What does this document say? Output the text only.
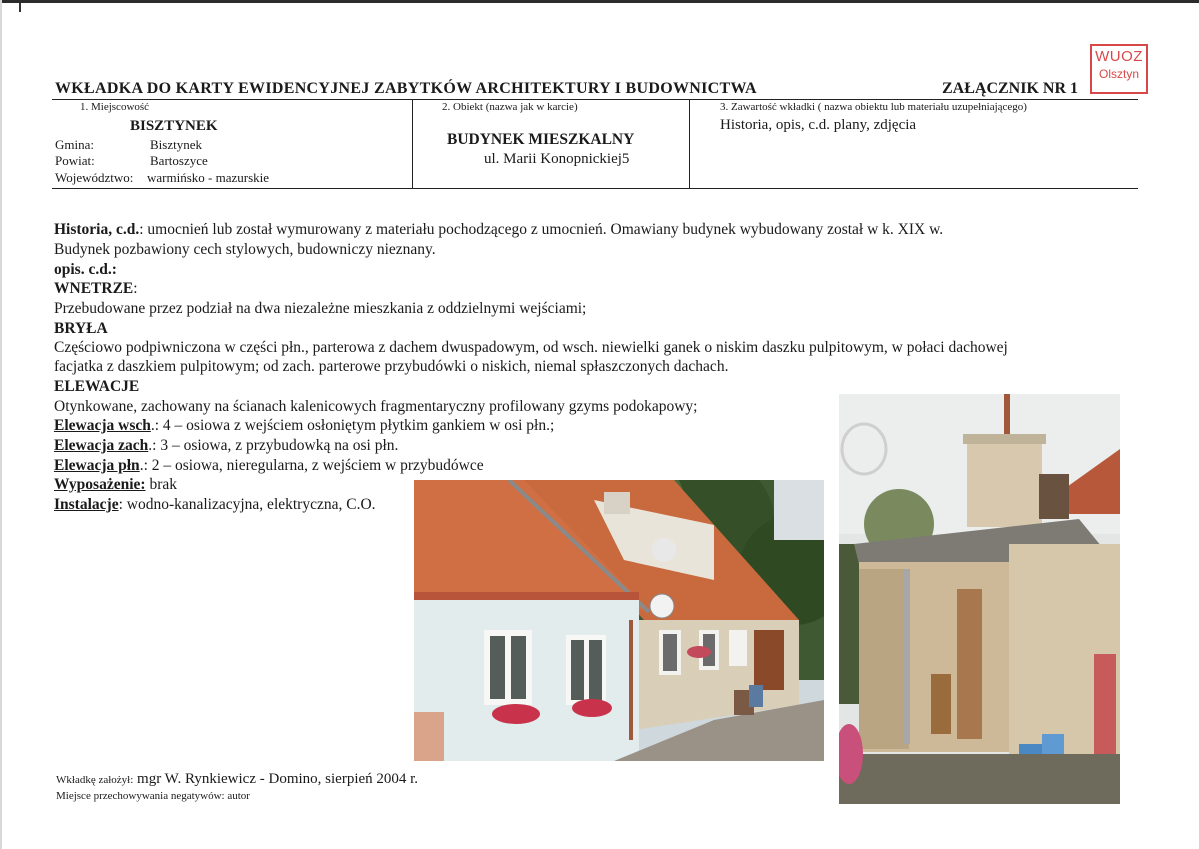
WUOZ
Olsztyn
WKŁADKA DO KARTY EWIDENCYJNEJ ZABYTKÓW ARCHITEKTURY I BUDOWNICTWA	ZAŁĄCZNIK NR 1
1. Miejscowość
BISZTYNEK
Gmina:	Bisztynek
Powiat:	Bartoszyce
Województwo: warmińsko - mazurskie
2. Obiekt (nazwa jak w karcie)
BUDYNEK MIESZKALNY
ul. Marii Konopnickiej5
3. Zawartość wkładki ( nazwa obiektu lub materiału uzupełniającego)
Historia, opis, c.d. plany, zdjęcia
Historia, c.d.: umocnień lub został wymurowany z materiału pochodzącego z umocnień. Omawiany budynek wybudowany został w k. XIX w.
Budynek pozbawiony cech stylowych, budowniczy nieznany.
opis. c.d.:
WNETRZE:
Przebudowane przez podział na dwa niezależne mieszkania z oddzielnymi wejściami;
BRYŁA
Częściowo podpiwniczona w części płn., parterowa z dachem dwuspadowym, od wsch. niewielki ganek o niskim daszku pulpitowym, w połaci dachowej
facjatka z daszkiem pulpitowym; od zach. parterowe przybudówki o niskich, niemal spłaszczonych dachach.
ELEWACJE
Otynkowane, zachowany na ścianach kalenicowych fragmentaryczny profilowany gzyms podokapowy;
Elewacja wsch.: 4 – osiowa z wejściem osłoniętym płytkim gankiem w osi płn.;
Elewacja zach.: 3 – osiowa, z przybudowką na osi płn.
Elewacja płn.: 2 – osiowa, nieregularna, z wejściem w przybudówce
Wyposażenie: brak
Instalacje: wodno-kanalizacyjna, elektryczna, C.O.
Wkładkę założył: mgr W. Rynkiewicz - Domino, sierpień 2004 r.
Miejsce przechowywania negatywów: autor
